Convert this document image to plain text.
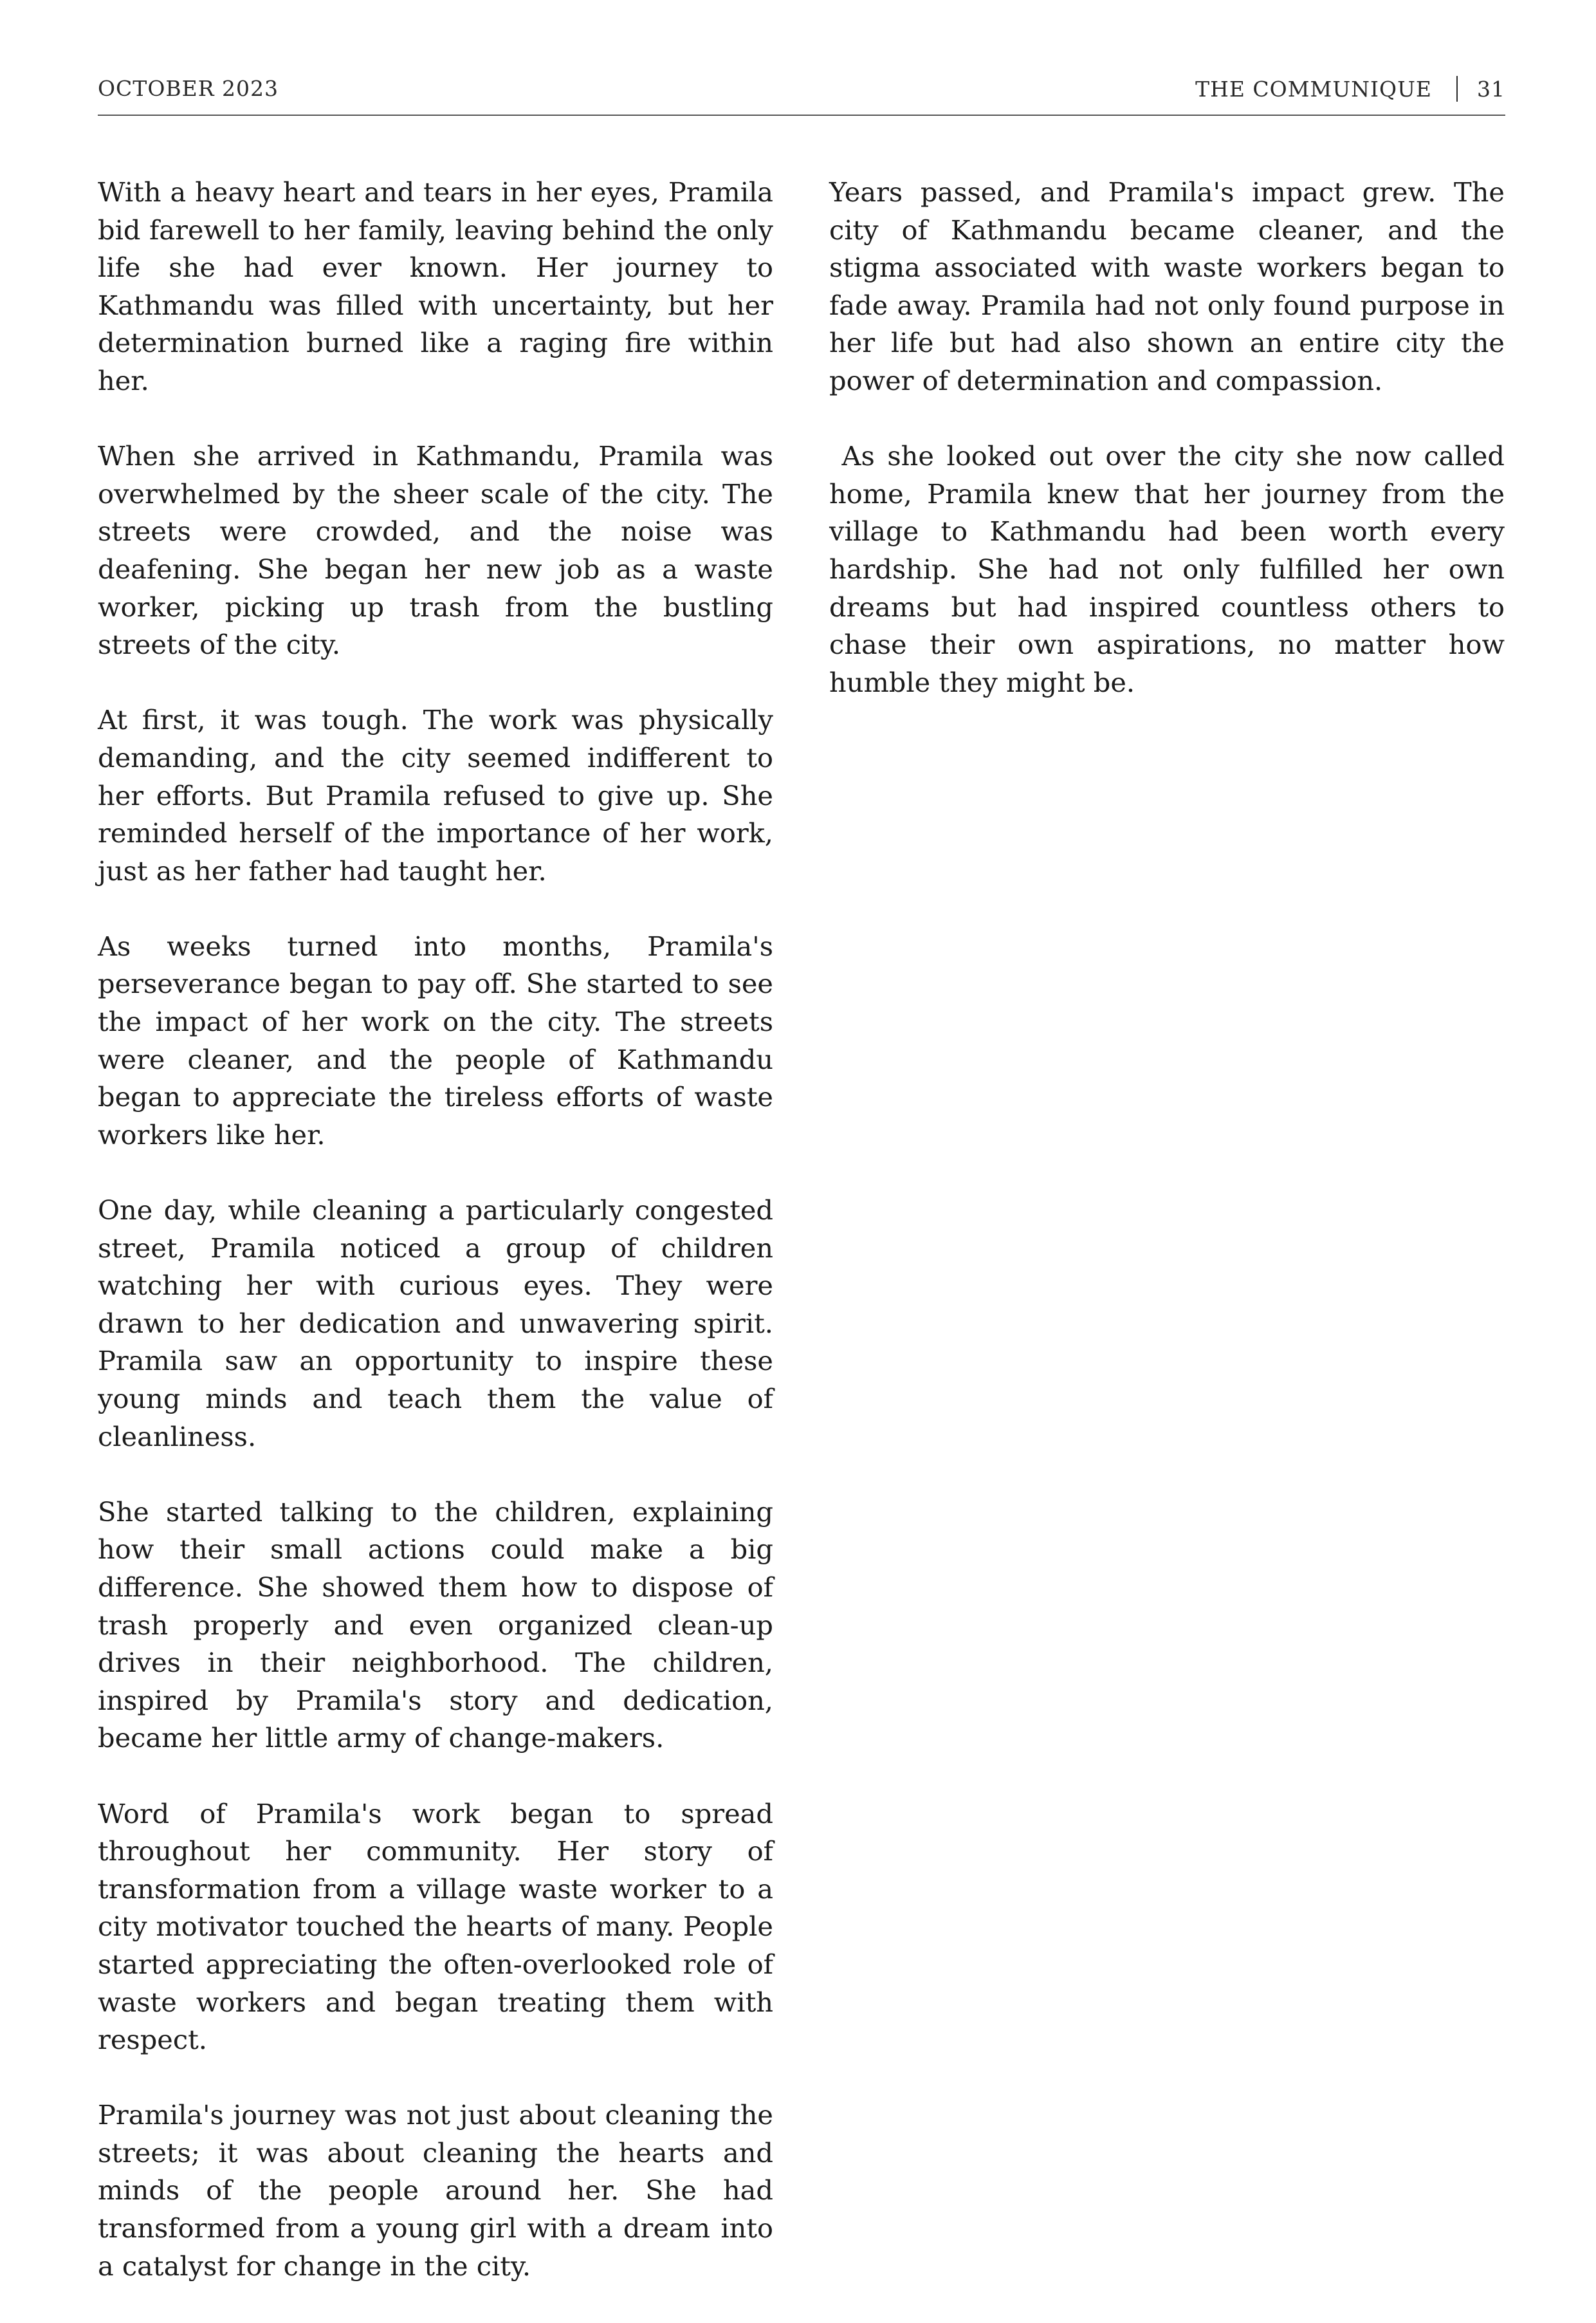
OCTOBER 2023	THE COMMUNIQUE 31

With a heavy heart and tears in her eyes, Pramila bid farewell to her family, leaving behind the only life she had ever known. Her journey to Kathmandu was filled with uncertainty, but her determination burned like a raging fire within her.

When she arrived in Kathmandu, Pramila was overwhelmed by the sheer scale of the city. The streets were crowded, and the noise was deafening. She began her new job as a waste worker, picking up trash from the bustling streets of the city.

At first, it was tough. The work was physically demanding, and the city seemed indifferent to her efforts. But Pramila refused to give up. She reminded herself of the importance of her work, just as her father had taught her.

As weeks turned into months, Pramila's perseverance began to pay off. She started to see the impact of her work on the city. The streets were cleaner, and the people of Kathmandu began to appreciate the tireless efforts of waste workers like her.

One day, while cleaning a particularly congested street, Pramila noticed a group of children watching her with curious eyes. They were drawn to her dedication and unwavering spirit. Pramila saw an opportunity to inspire these young minds and teach them the value of cleanliness.

She started talking to the children, explaining how their small actions could make a big difference. She showed them how to dispose of trash properly and even organized clean-up drives in their neighborhood. The children, inspired by Pramila's story and dedication, became her little army of change-makers.

Word of Pramila's work began to spread throughout her community. Her story of transformation from a village waste worker to a city motivator touched the hearts of many. People started appreciating the often-overlooked role of waste workers and began treating them with respect.

Pramila's journey was not just about cleaning the streets; it was about cleaning the hearts and minds of the people around her. She had transformed from a young girl with a dream into a catalyst for change in the city.

Years passed, and Pramila's impact grew. The city of Kathmandu became cleaner, and the stigma associated with waste workers began to fade away. Pramila had not only found purpose in her life but had also shown an entire city the power of determination and compassion.

As she looked out over the city she now called home, Pramila knew that her journey from the village to Kathmandu had been worth every hardship. She had not only fulfilled her own dreams but had inspired countless others to chase their own aspirations, no matter how humble they might be.
